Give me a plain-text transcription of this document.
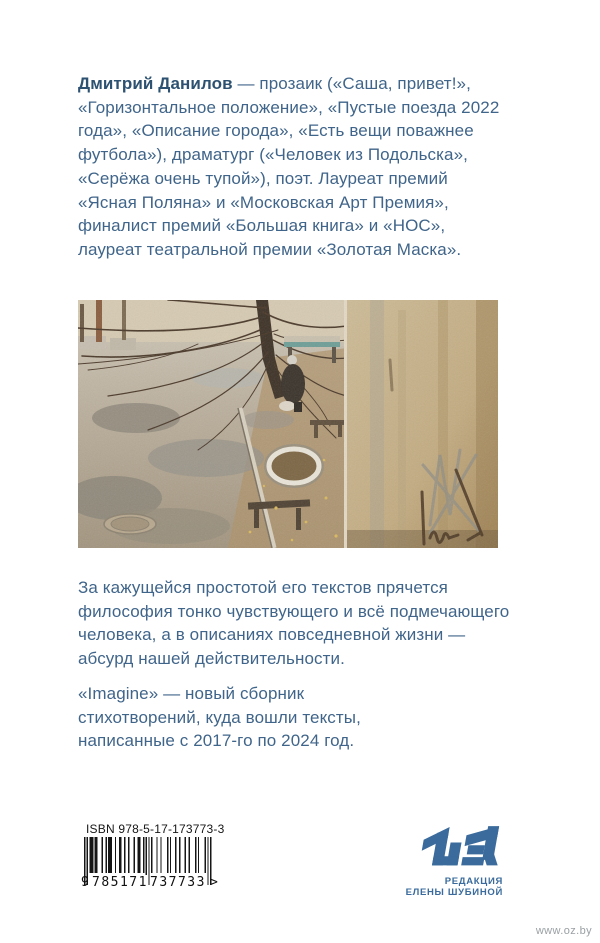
Дмитрий Данилов — прозаик («Саша, привет!»,
«Горизонтальное положение», «Пустые поезда 2022
года», «Описание города», «Есть вещи поважнее
футбола»), драматург («Человек из Подольска»,
«Серёжа очень тупой»), поэт. Лауреат премий
«Ясная Поляна» и «Московская Арт Премия»,
финалист премий «Большая книга» и «НОС»,
лауреат театральной премии «Золотая Маска».
За кажущейся простотой его текстов прячется
философия тонко чувствующего и всё подмечающего
человека, а в описаниях повседневной жизни —
абсурд нашей действительности.
«Imagine» — новый сборник
стихотворений, куда вошли тексты,
написанные с 2017-го по 2024 год.
ISBN 978-5-17-173773-3
9 785171 737733 >	РЕДАКЦИЯ
ЕЛЕНЫ ШУБИНОЙ
www.oz.by
